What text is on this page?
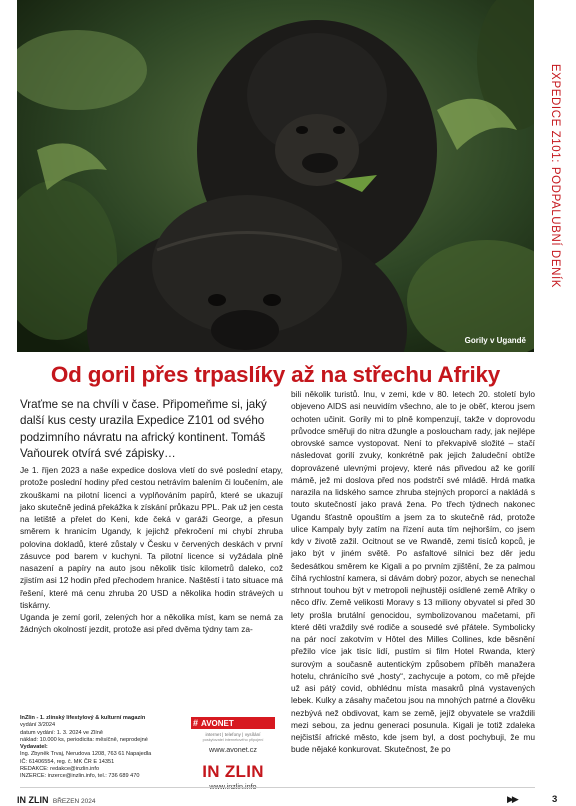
Gorily v Ugandě
EXPEDICE Z101: PODPALUBNÍ DENÍK
Od goril přes trpaslíky až na střechu Afriky

Vraťme se na chvíli v čase. Připomeňme si, jaký další kus cesty urazila Expedice Z101 od svého podzimního návratu na africký kontinent. Tomáš Vaňourek otvírá své zápisky…

Je 1. říjen 2023 a naše expedice doslova vletí do své poslední etapy, protože poslední hodiny před cestou netrávím balením či loučením, ale zkouškami na pilotní licenci a vyplňováním papírů, které se ukazují jako skutečně jediná překážka k získání průkazu PPL. Pak už jen cesta na letiště a přelet do Keni, kde čeká v garáži George, a přesun směrem k hranicím Ugandy, k jejichž překročení mi chybí zhruba polovina dokladů, které zůstaly v Česku v červených deskách v první zásuvce pod barem v kuchyni. Ta pilotní licence si vyžádala plně nasazení a papíry na auto jsou několik tisíc kilometrů daleko, což zjistím asi 12 hodin před přechodem hranice. Naštěstí i tato situace má řešení, které má cenu zhruba 20 USD a několika hodin stráveých u tiskárny.

Uganda je zemí goril, zelených hor a několika míst, kam se nemá za žádných okolností jezdit, protože asi před dvěma týdny tam za-

bili několik turistů. Inu, v zemi, kde v 80. letech 20. století bylo objeveno AIDS asi neuvidím všechno, ale to je oběť, kterou jsem ochoten učinit. Gorily mi to plně kompenzují, takže v doprovodu průvodce směřuji do nitra džungle a posloucham rady, jak nejlépe obrovské samce vystopovat. Není to překvapivě složité – stačí následovat gorilí zvuky, konkrétně pak jejich žaludeční obtíže doprovázené ulevnými projevy, které nás přivedou až ke gorilí mámě, jež mi doslova před nos podstrčí své mládě. Hrdá matka narazila na lidského samce zhruba stejných proporcí a nakládá s touto skutečností jako pravá žena. Po třech týdnech nakonec Ugandu šťastně opouštím a jsem za to skutečně rád, protože ulice Kampaly byly zatím na řízení auta tím nejhorším, co jsem kdy v životě zažil. Ocitnout se ve Rwandě, zemi tisíců kopců, je jako být v jiném světě. Po asfaltové silnici bez děr jedu šedesátkou směrem ke Kigali a po prvním zjištění, že za palmou číhá rychlostní kamera, si dávám dobrý pozor, abych se nenechal strhnout touhou být v metropoli nejhustěji osídlené země Afriky o něco dřív. Země velikosti Moravy s 13 miliony obyvatel si před 30 lety prošla brutální genocidou, symbolizovanou mačetami, při které děti vraždily své rodiče a sousedé své přátele. Symbolicky na pár nocí zakotvím v Hôtel des Milles Collines, kde běsnění přežilo více jak tisíc lidí, pustím si film Hotel Rwanda, který surovým a současně autentickým způsobem příběh manažera hotelu, chránícího své „hosty“, zachycuje a potom, co mě přejde už asi pátý covid, obhlédnu místa masakrů plná vystavených lebek. Kulky a zásahy mačetou jsou na mnohých patrné a člověku nezbývá než obdivovat, kam se země, jejíž obyvatele se vraždili mezi sebou, za jednu generaci posunula. Kigali je totiž zdaleka nejčistší africké město, kde jsem byl, a dost pochybuji, že mu bude nějaké konkurovat. Skutečnost, že po

InZlin - 1. zlínský lifestylový & kulturní magazín
vydání 3/2024
datum vydání: 1. 3. 2024 ve Zlíně
náklad: 10.000 ks, periodicita: měsíčně, neprodejné
Vydavatel:
Ing. Zbyněk Trvaj, Nerudova 1208, 763 61 Napajedla
IČ: 61406554, reg. č. MK ČR E 14351
REDAKCE: redakce@inzlin.info
INZERCE: inzerce@inzlin.info, tel.: 736 689 470
# AVONET
internet | telefony | vysílání
poskytovatel internetového připojení
www.avonet.cz
IN ZLIN
www.inzlin.info
IN ZLIN BŘEZEN 2024	▶▶	3
